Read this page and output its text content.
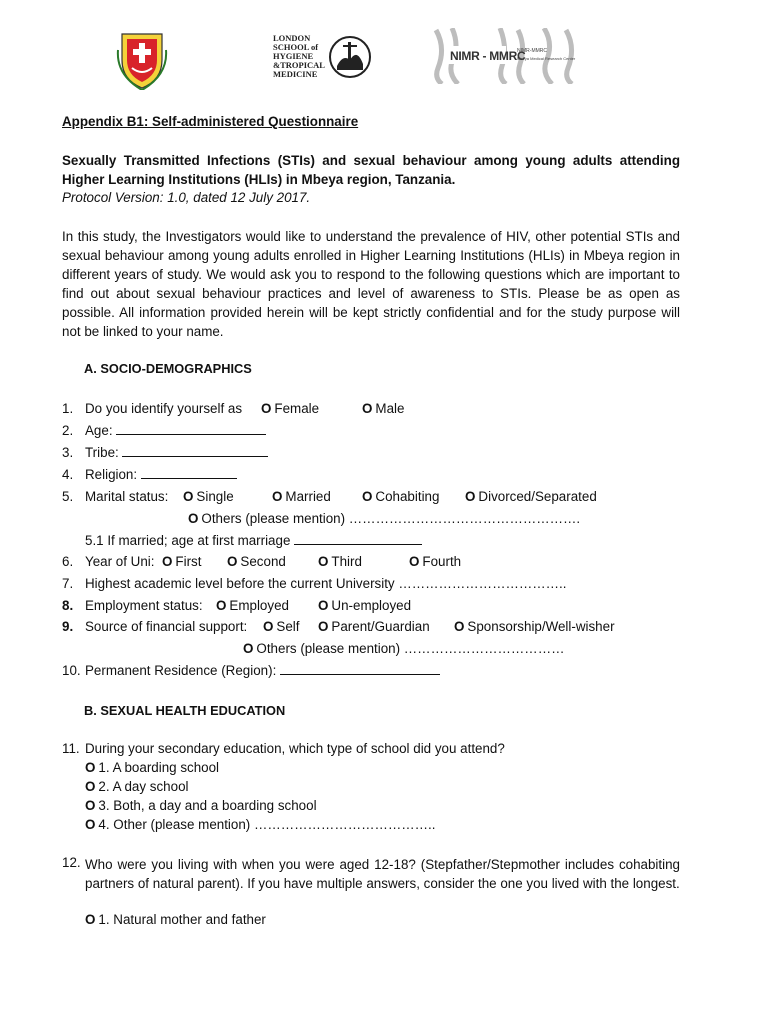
LONDON
SCHOOL of
HYGIENE
&TROPICAL
MEDICINE
NIMR - MMRC
NIMR-MMRC
Mbeya Medical Research Center
Appendix B1: Self-administered Questionnaire
Sexually Transmitted Infections (STIs) and sexual behaviour among young adults attending Higher Learning Institutions (HLIs) in Mbeya region, Tanzania.
Protocol Version: 1.0, dated 12 July 2017.
In this study, the Investigators would like to understand the prevalence of HIV, other potential STIs and sexual behaviour among young adults enrolled in Higher Learning Institutions (HLIs) in Mbeya region in different years of study. We would ask you to respond to the following questions which are important to find out about sexual behaviour practices and level of awareness to STIs. Please be as open as possible. All information provided herein will be kept strictly confidential and for the study purpose will not be linked to your name.
A. SOCIO-DEMOGRAPHICS
1. Do you identify yourself as O Female	O Male
2. Age:
3. Tribe:
4. Religion:
5. Marital status: O Single	O Married O Cohabiting O Divorced/Separated
O Others (please mention) …………………………………………….
5.1 If married; age at first marriage
6. Year of Uni: O First O Second O Third	O Fourth
7. Highest academic level before the current University ………………………………..
8. Employment status: O Employed O Un-employed
9. Source of financial support: O Self O Parent/Guardian O Sponsorship/Well-wisher
O Others (please mention) ………………………………
10. Permanent Residence (Region):
B. SEXUAL HEALTH EDUCATION
11. During your secondary education, which type of school did you attend?
O 1. A boarding school
O 2. A day school
O 3. Both, a day and a boarding school
O 4. Other (please mention) …………………………………..
12. Who were you living with when you were aged 12-18? (Stepfather/Stepmother includes cohabiting partners of natural parent). If you have multiple answers, consider the one you lived with the longest.
O 1. Natural mother and father
